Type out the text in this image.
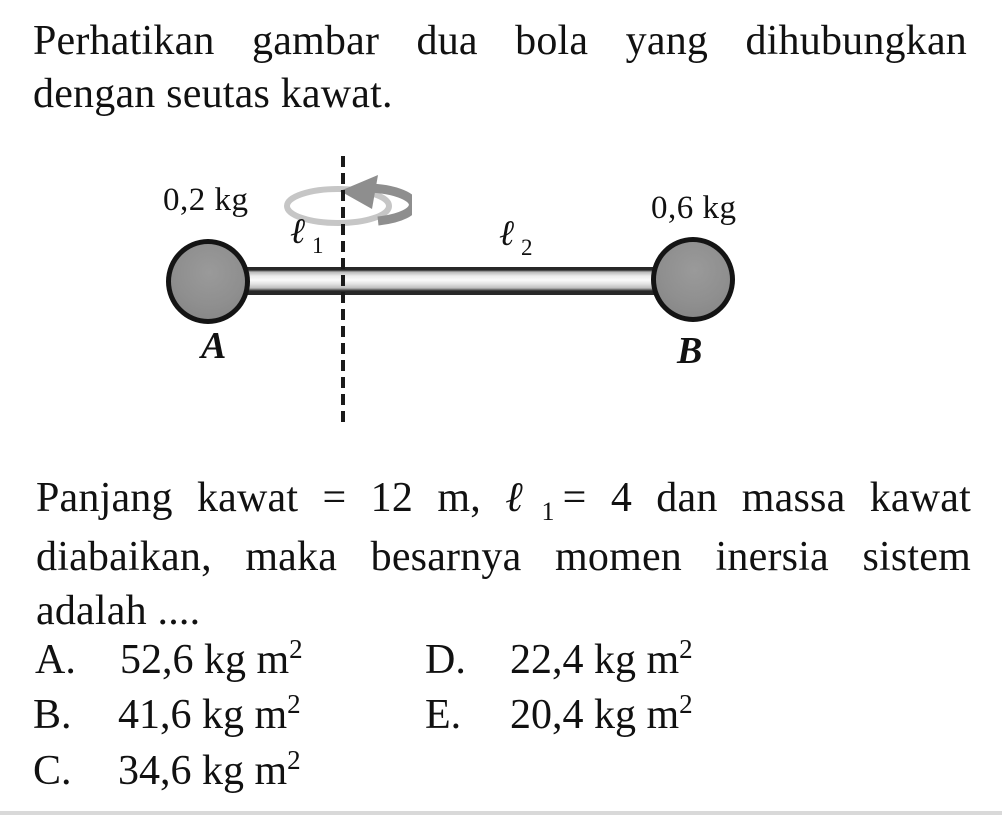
Perhatikan gambar dua bola yang dihubungkan
dengan seutas kawat.
0,2 kg	0,6 kg
ℓ 1	ℓ 2
A	B
Panjang kawat = 12 m, ℓ 1 = 4 dan massa kawat
diabaikan, maka besarnya momen inersia sistem
adalah ....
A. 52,6 kg $m^2$
B. 41,6 kg $m^2$
C. 34,6 kg $m^2$
D. 22,4 kg $m^2$
E. 20,4 kg $m^2$
